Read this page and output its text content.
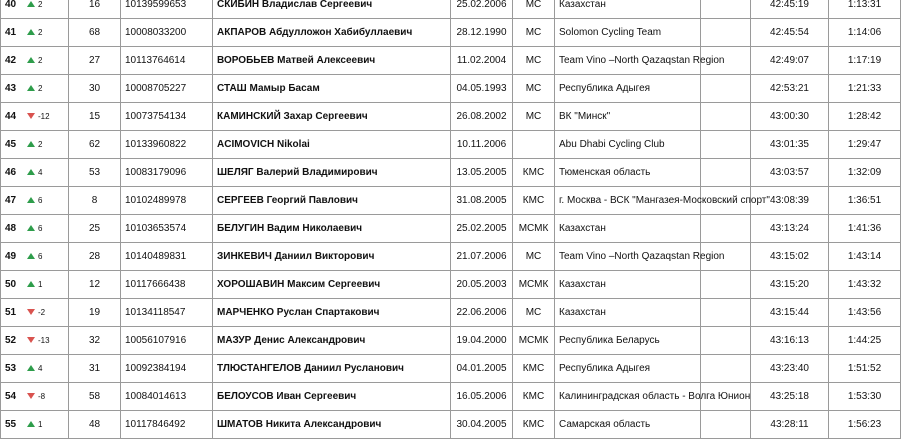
40 2	16	10139599653	СКИБИН Владислав Сергеевич	25.02.2006	МС	Казахстан		42:45:19	1:13:31
41 2	68	10008033200	АКПАРОВ Абдулложон Хабибуллаевич	28.12.1990	МС	Solomon Cycling Team		42:45:54	1:14:06
42 2	27	10113764614	ВОРОБЬЕВ Матвей Алексеевич	11.02.2004	МС	Team Vino –North Qazaqstan Region		42:49:07	1:17:19
43 2	30	10008705227	СТАШ Мамыр Басам	04.05.1993	МС	Республика Адыгея		42:53:21	1:21:33
44 -12	15	10073754134	КАМИНСКИЙ Захар Сергеевич	26.08.2002	МС	ВК "Минск"		43:00:30	1:28:42
45 2	62	10133960822	ACIMOVICH Nikolai	10.11.2006		Abu Dhabi Cycling Club		43:01:35	1:29:47
46 4	53	10083179096	ШЕЛЯГ Валерий Владимирович	13.05.2005	КМС	Тюменская область		43:03:57	1:32:09
47 6	8	10102489978	СЕРГЕЕВ Георгий Павлович	31.08.2005	КМС	г. Москва - ВСК "Мангазея-Московский спорт"		43:08:39	1:36:51
48 6	25	10103653574	БЕЛУГИН Вадим Николаевич	25.02.2005	МСМК	Казахстан		43:13:24	1:41:36
49 6	28	10140489831	ЗИНКЕВИЧ Даниил Викторович	21.07.2006	МС	Team Vino –North Qazaqstan Region		43:15:02	1:43:14
50 1	12	10117666438	ХОРОШАВИН Максим Сергеевич	20.05.2003	МСМК	Казахстан		43:15:20	1:43:32
51 -2	19	10134118547	МАРЧЕНКО Руслан Спартакович	22.06.2006	МС	Казахстан		43:15:44	1:43:56
52 -13	32	10056107916	МАЗУР Денис Александрович	19.04.2000	МСМК	Республика Беларусь		43:16:13	1:44:25
53 4	31	10092384194	ТЛЮСТАНГЕЛОВ Даниил Русланович	04.01.2005	КМС	Республика Адыгея		43:23:40	1:51:52
54 -8	58	10084014613	БЕЛОУСОВ Иван Сергеевич	16.05.2006	КМС	Калининградская область - Волга Юнион		43:25:18	1:53:30
55 1	48	10117846492	ШМАТОВ Никита Александрович	30.04.2005	КМС	Самарская область		43:28:11	1:56:23
